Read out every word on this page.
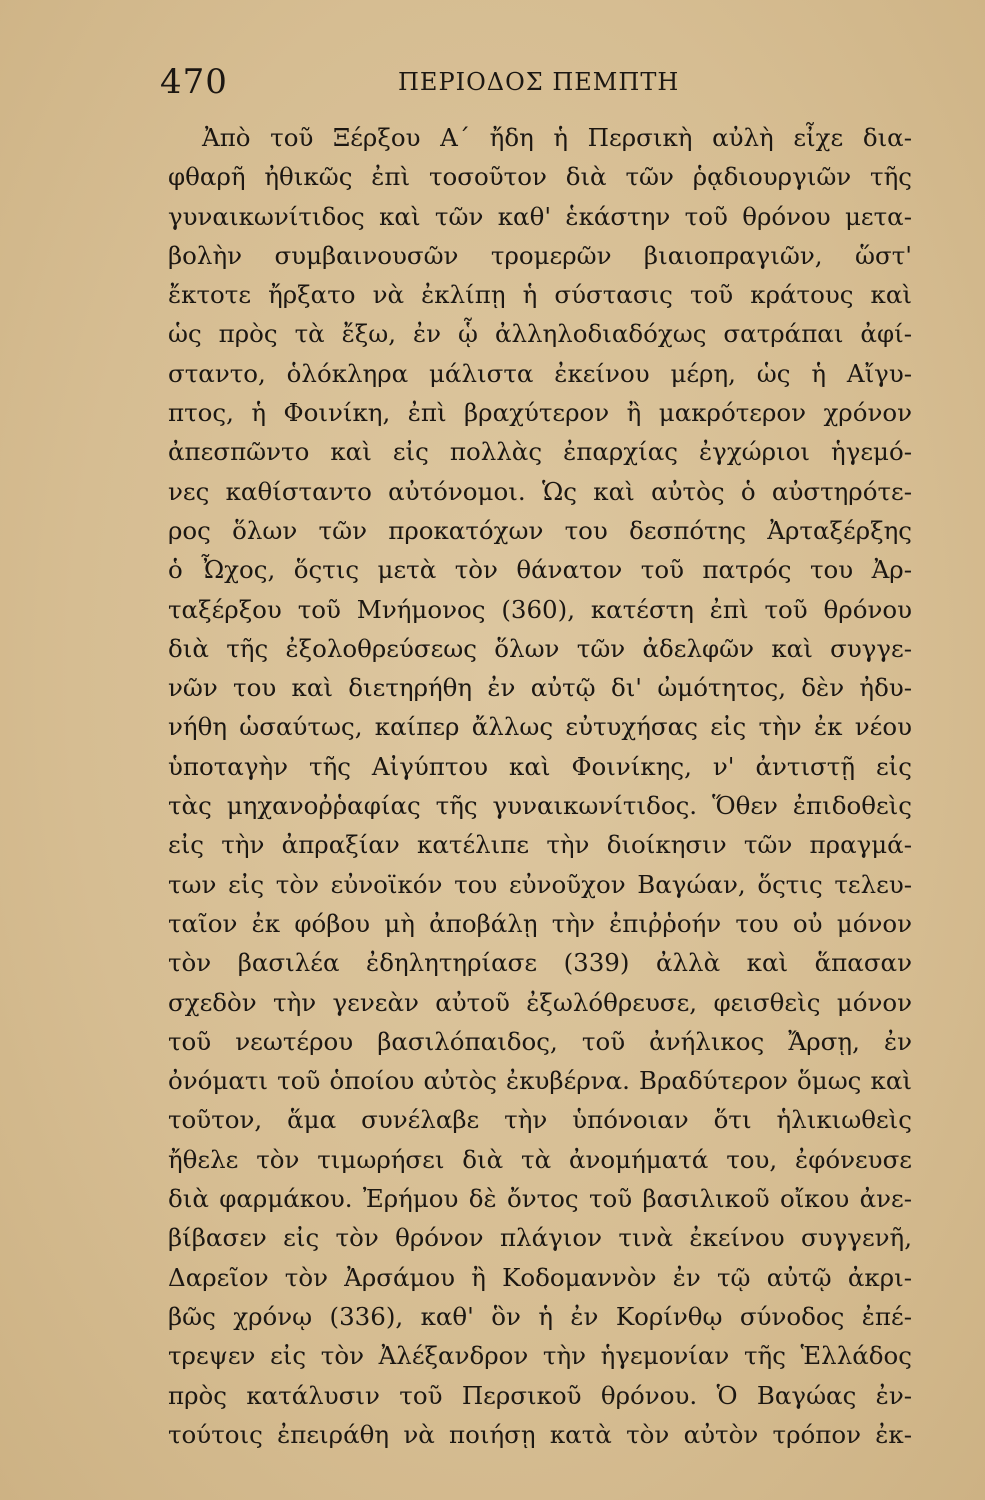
470	ΠΕΡΙΟΔΟΣ ΠΕΜΠΤΗ
Ἀπὸ τοῦ Ξέρξου Α΄ ἤδη ἡ Περσικὴ αὐλὴ εἶχε δια-
φθαρῆ ἠθικῶς ἐπὶ τοσοῦτον διὰ τῶν ῥᾳδιουργιῶν τῆς
γυναικωνίτιδος καὶ τῶν καθ' ἑκάστην τοῦ θρόνου μετα-
βολὴν συμβαινουσῶν τρομερῶν βιαιοπραγιῶν, ὥστ'
ἔκτοτε ἤρξατο νὰ ἐκλίπῃ ἡ σύστασις τοῦ κράτους καὶ
ὡς πρὸς τὰ ἔξω, ἐν ᾧ ἀλληλοδιαδόχως σατράπαι ἀφί-
σταντο, ὁλόκληρα μάλιστα ἐκείνου μέρη, ὡς ἡ Αἴγυ-
πτος, ἡ Φοινίκη, ἐπὶ βραχύτερον ἢ μακρότερον χρόνον
ἀπεσπῶντο καὶ εἰς πολλὰς ἐπαρχίας ἐγχώριοι ἡγεμό-
νες καθίσταντο αὐτόνομοι. Ὡς καὶ αὐτὸς ὁ αὐστηρότε-
ρος ὅλων τῶν προκατόχων του δεσπότης Ἀρταξέρξης
ὁ Ὦχος, ὅςτις μετὰ τὸν θάνατον τοῦ πατρός του Ἀρ-
ταξέρξου τοῦ Μνήμονος (360), κατέστη ἐπὶ τοῦ θρόνου
διὰ τῆς ἐξολοθρεύσεως ὅλων τῶν ἀδελφῶν καὶ συγγε-
νῶν του καὶ διετηρήθη ἐν αὐτῷ δι' ὠμότητος, δὲν ἠδυ-
νήθη ὡσαύτως, καίπερ ἄλλως εὐτυχήσας εἰς τὴν ἐκ νέου
ὑποταγὴν τῆς Αἰγύπτου καὶ Φοινίκης, ν' ἀντιστῇ εἰς
τὰς μηχανοῤῥαφίας τῆς γυναικωνίτιδος. Ὅθεν ἐπιδοθεὶς
εἰς τὴν ἀπραξίαν κατέλιπε τὴν διοίκησιν τῶν πραγμά-
των εἰς τὸν εὐνοϊκόν του εὐνοῦχον Βαγώαν, ὅςτις τελευ-
ταῖον ἐκ φόβου μὴ ἀποβάλῃ τὴν ἐπιῤῥοήν του οὐ μόνον
τὸν βασιλέα ἐδηλητηρίασε (339) ἀλλὰ καὶ ἅπασαν
σχεδὸν τὴν γενεὰν αὐτοῦ ἐξωλόθρευσε, φεισθεὶς μόνον
τοῦ νεωτέρου βασιλόπαιδος, τοῦ ἀνήλικος Ἄρσῃ, ἐν
ὀνόματι τοῦ ὁποίου αὐτὸς ἐκυβέρνα. Βραδύτερον ὅμως καὶ
τοῦτον, ἅμα συνέλαβε τὴν ὑπόνοιαν ὅτι ἡλικιωθεὶς
ἤθελε τὸν τιμωρήσει διὰ τὰ ἀνομήματά του, ἐφόνευσε
διὰ φαρμάκου. Ἐρήμου δὲ ὄντος τοῦ βασιλικοῦ οἴκου ἀνε-
βίβασεν εἰς τὸν θρόνον πλάγιον τινὰ ἐκείνου συγγενῆ,
Δαρεῖον τὸν Ἀρσάμου ἢ Κοδομαννὸν ἐν τῷ αὐτῷ ἀκρι-
βῶς χρόνῳ (336), καθ' ὃν ἡ ἐν Κορίνθῳ σύνοδος ἐπέ-
τρεψεν εἰς τὸν Ἀλέξανδρον τὴν ἡγεμονίαν τῆς Ἑλλάδος
πρὸς κατάλυσιν τοῦ Περσικοῦ θρόνου. Ὁ Βαγώας ἐν-
τούτοις ἐπειράθη νὰ ποιήσῃ κατὰ τὸν αὐτὸν τρόπον ἐκ-
